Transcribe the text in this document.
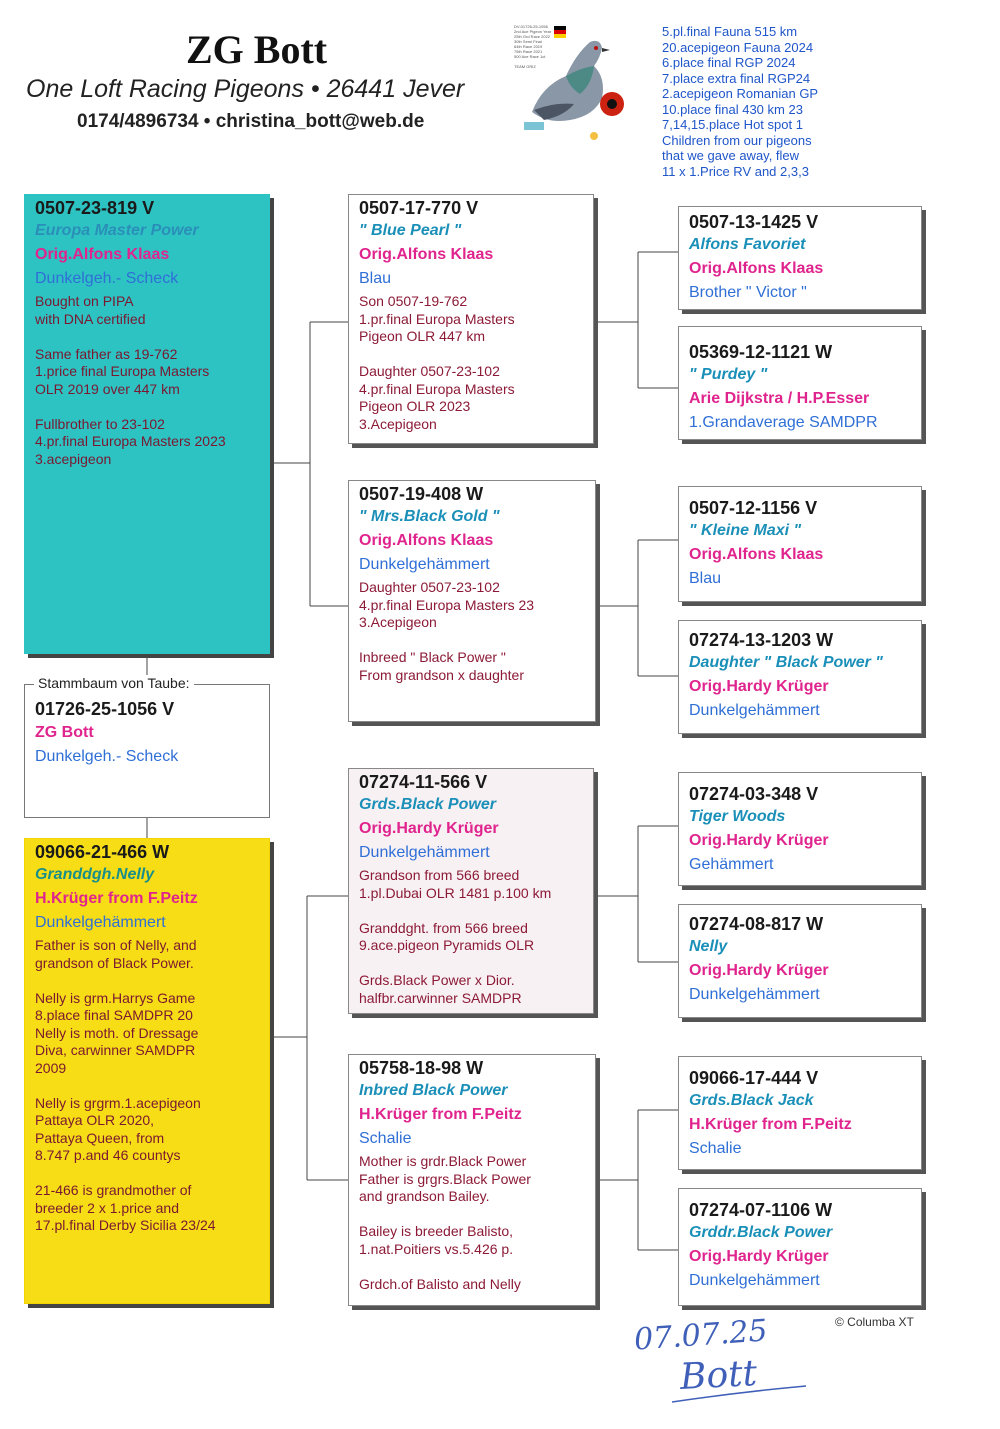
ZG Bott
One Loft Racing Pigeons • 26441 Jever
0174/4896734 • christina_bott@web.de
DV-01726-25-1056
2nd Ace Pigeon Year
25th Grd Race 2022
30th Semi Final
64th Race 2019
75th Race 2021
500 Ace Race 1ct

TEAM GRIZ
5.pl.final Fauna 515 km
20.acepigeon Fauna 2024
6.place final RGP 2024
7.place extra final RGP24
2.acepigeon Romanian GP
10.place final 430 km 23
7,14,15.place Hot spot 1
Children from our pigeons
that we gave away, flew
11 x 1.Price RV and 2,3,3
0507-23-819 V
Europa Master Power
Orig.Alfons Klaas
Dunkelgeh.- Scheck
Bought on PIPA
with DNA certified

Same father as 19-762
1.price final Europa Masters
OLR 2019 over 447 km

Fullbrother to 23-102
4.pr.final Europa Masters 2023
3.acepigeon
01726-25-1056 V
ZG Bott
Dunkelgeh.- Scheck
Stammbaum von Taube:
09066-21-466 W
Granddgh.Nelly
H.Krüger from F.Peitz
Dunkelgehämmert
Father is son of Nelly, and
grandson of Black Power.

Nelly is grm.Harrys Game
8.place final SAMDPR 20
Nelly is moth. of Dressage
Diva, carwinner SAMDPR
2009

Nelly is grgrm.1.acepigeon
Pattaya OLR 2020,
Pattaya Queen, from
8.747 p.and 46 countys

21-466 is grandmother of
breeder 2 x 1.price and
17.pl.final Derby Sicilia 23/24
0507-17-770 V
" Blue Pearl "
Orig.Alfons Klaas
Blau
Son 0507-19-762
1.pr.final Europa Masters
Pigeon OLR 447 km

Daughter 0507-23-102
4.pr.final Europa Masters
Pigeon OLR 2023
3.Acepigeon
0507-19-408 W
" Mrs.Black Gold "
Orig.Alfons Klaas
Dunkelgehämmert
Daughter 0507-23-102
4.pr.final Europa Masters 23
3.Acepigeon

Inbreed " Black Power "
From grandson x daughter
07274-11-566 V
Grds.Black Power
Orig.Hardy Krüger
Dunkelgehämmert
Grandson from 566 breed
1.pl.Dubai OLR 1481 p.100 km

Granddght. from 566 breed
9.ace.pigeon Pyramids OLR

Grds.Black Power x Dior.
halfbr.carwinner SAMDPR
05758-18-98 W
Inbred Black Power
H.Krüger from F.Peitz
Schalie
Mother is grdr.Black Power
Father is grgrs.Black Power
and grandson Bailey.

Bailey is breeder Balisto,
1.nat.Poitiers vs.5.426 p.

Grdch.of Balisto and Nelly
0507-13-1425 V
Alfons Favoriet
Orig.Alfons Klaas
Brother " Victor "
05369-12-1121 W
" Purdey "
Arie Dijkstra / H.P.Esser
1.Grandaverage SAMDPR
0507-12-1156 V
" Kleine Maxi "
Orig.Alfons Klaas
Blau
07274-13-1203 W
Daughter " Black Power "
Orig.Hardy Krüger
Dunkelgehämmert
07274-03-348 V
Tiger Woods
Orig.Hardy Krüger
Gehämmert
07274-08-817 W
Nelly
Orig.Hardy Krüger
Dunkelgehämmert
09066-17-444 V
Grds.Black Jack
H.Krüger from F.Peitz
Schalie
07274-07-1106 W
Grddr.Black Power
Orig.Hardy Krüger
Dunkelgehämmert
© Columba XT
07.07.25
Bott
